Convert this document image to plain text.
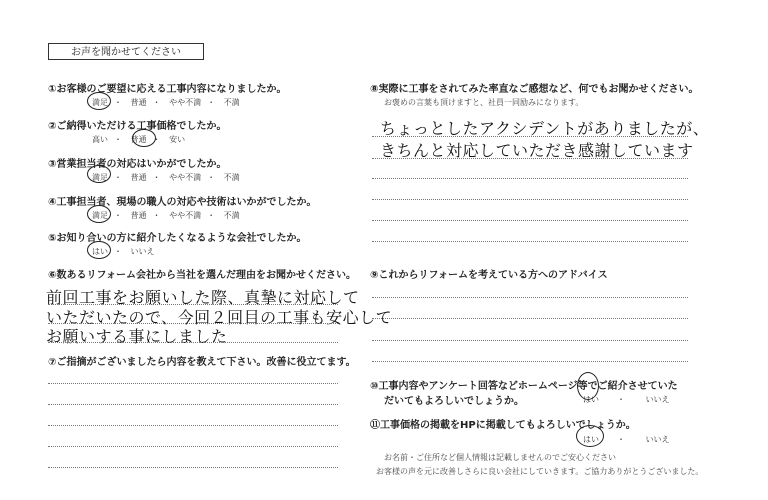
お声を聞かせてください
①お客様のご要望に応える工事内容になりましたか。
満足 ・ 普通 ・ やや不満 ・ 不満
②ご納得いただける工事価格でしたか。
高い ・ 普通 ・ 安い
③営業担当者の対応はいかがでしたか。
満足 ・ 普通 ・ やや不満 ・ 不満
④工事担当者、現場の職人の対応や技術はいかがでしたか。
満足 ・ 普通 ・ やや不満 ・ 不満
⑤お知り合いの方に紹介したくなるような会社でしたか。
はい ・ いいえ
⑥数あるリフォーム会社から当社を選んだ理由をお聞かせください。
前回工事をお願いした際、真摯に対応して
いただいたので、今回２回目の工事も安心して
お願いする事にしました
⑦ご指摘がございましたら内容を教えて下さい。改善に役立てます。
⑧実際に工事をされてみた率直なご感想など、何でもお聞かせください。
お褒めの言葉も頂けますと、社員一同励みになります。
ちょっとしたアクシデントがありましたが、
きちんと対応していただき感謝しています
⑨これからリフォームを考えている方へのアドバイス
⑩工事内容やアンケート回答などホームページ等でご紹介させていた
だいてもよろしいでしょうか。	はい ・	いいえ
⑪工事価格の掲載をHPに掲載してもよろしいでしょうか。
はい ・	いいえ
お名前・ご住所など個人情報は記載しませんのでご安心ください
お客様の声を元に改善しさらに良い会社にしていきます。ご協力ありがとうございました。
